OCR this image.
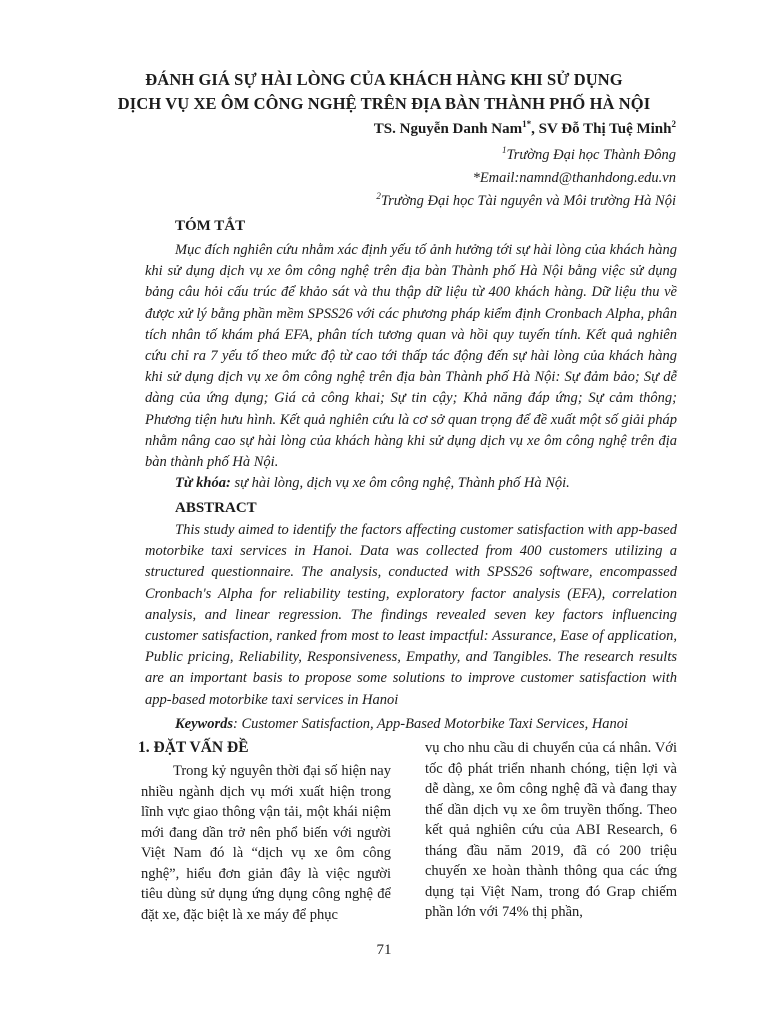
ĐÁNH GIÁ SỰ HÀI LÒNG CỦA KHÁCH HÀNG KHI SỬ DỤNG
DỊCH VỤ XE ÔM CÔNG NGHỆ TRÊN ĐỊA BÀN THÀNH PHỐ HÀ NỘI
TS. Nguyễn Danh Nam$^{1*}$, SV Đỗ Thị Tuệ Minh$^2$
$^1$Trường Đại học Thành Đông
*Email:namnd@thanhdong.edu.vn
$^2$Trường Đại học Tài nguyên và Môi trường Hà Nội
TÓM TẮT
Mục đích nghiên cứu nhằm xác định yếu tố ảnh hưởng tới sự hài lòng của khách hàng khi sử dụng dịch vụ xe ôm công nghệ trên địa bàn Thành phố Hà Nội bằng việc sử dụng bảng câu hỏi cấu trúc để khảo sát và thu thập dữ liệu từ 400 khách hàng. Dữ liệu thu về được xử lý bằng phần mềm SPSS26 với các phương pháp kiểm định Cronbach Alpha, phân tích nhân tố khám phá EFA, phân tích tương quan và hồi quy tuyến tính. Kết quả nghiên cứu chỉ ra 7 yếu tố theo mức độ từ cao tới thấp tác động đến sự hài lòng của khách hàng khi sử dụng dịch vụ xe ôm công nghệ trên địa bàn Thành phố Hà Nội: Sự đảm bảo; Sự dễ dàng của ứng dụng; Giá cả công khai; Sự tin cậy; Khả năng đáp ứng; Sự cảm thông; Phương tiện hưu hình. Kết quả nghiên cứu là cơ sở quan trọng để đề xuất một số giải pháp nhằm nâng cao sự hài lòng của khách hàng khi sử dụng dịch vụ xe ôm công nghệ trên địa bàn thành phố Hà Nội.
Từ khóa: sự hài lòng, dịch vụ xe ôm công nghệ, Thành phố Hà Nội.
ABSTRACT
This study aimed to identify the factors affecting customer satisfaction with app-based motorbike taxi services in Hanoi. Data was collected from 400 customers utilizing a structured questionnaire. The analysis, conducted with SPSS26 software, encompassed Cronbach's Alpha for reliability testing, exploratory factor analysis (EFA), correlation analysis, and linear regression. The findings revealed seven key factors influencing customer satisfaction, ranked from most to least impactful: Assurance, Ease of application, Public pricing, Reliability, Responsiveness, Empathy, and Tangibles. The research results are an important basis to propose some solutions to improve customer satisfaction with app-based motorbike taxi services in Hanoi
Keywords: Customer Satisfaction, App-Based Motorbike Taxi Services, Hanoi
1. ĐẶT VẤN ĐỀ
Trong kỷ nguyên thời đại số hiện nay nhiều ngành dịch vụ mới xuất hiện trong lĩnh vực giao thông vận tải, một khái niệm mới đang dần trở nên phổ biến với người Việt Nam đó là “dịch vụ xe ôm công nghệ”, hiểu đơn giản đây là việc người tiêu dùng sử dụng ứng dụng công nghệ để đặt xe, đặc biệt là xe máy để phục
vụ cho nhu cầu di chuyển của cá nhân. Với tốc độ phát triển nhanh chóng, tiện lợi và dễ dàng, xe ôm công nghệ đã và đang thay thế dần dịch vụ xe ôm truyền thống. Theo kết quả nghiên cứu của ABI Research, 6 tháng đầu năm 2019, đã có 200 triệu chuyến xe hoàn thành thông qua các ứng dụng tại Việt Nam, trong đó Grap chiếm phần lớn với 74% thị phần,
71
